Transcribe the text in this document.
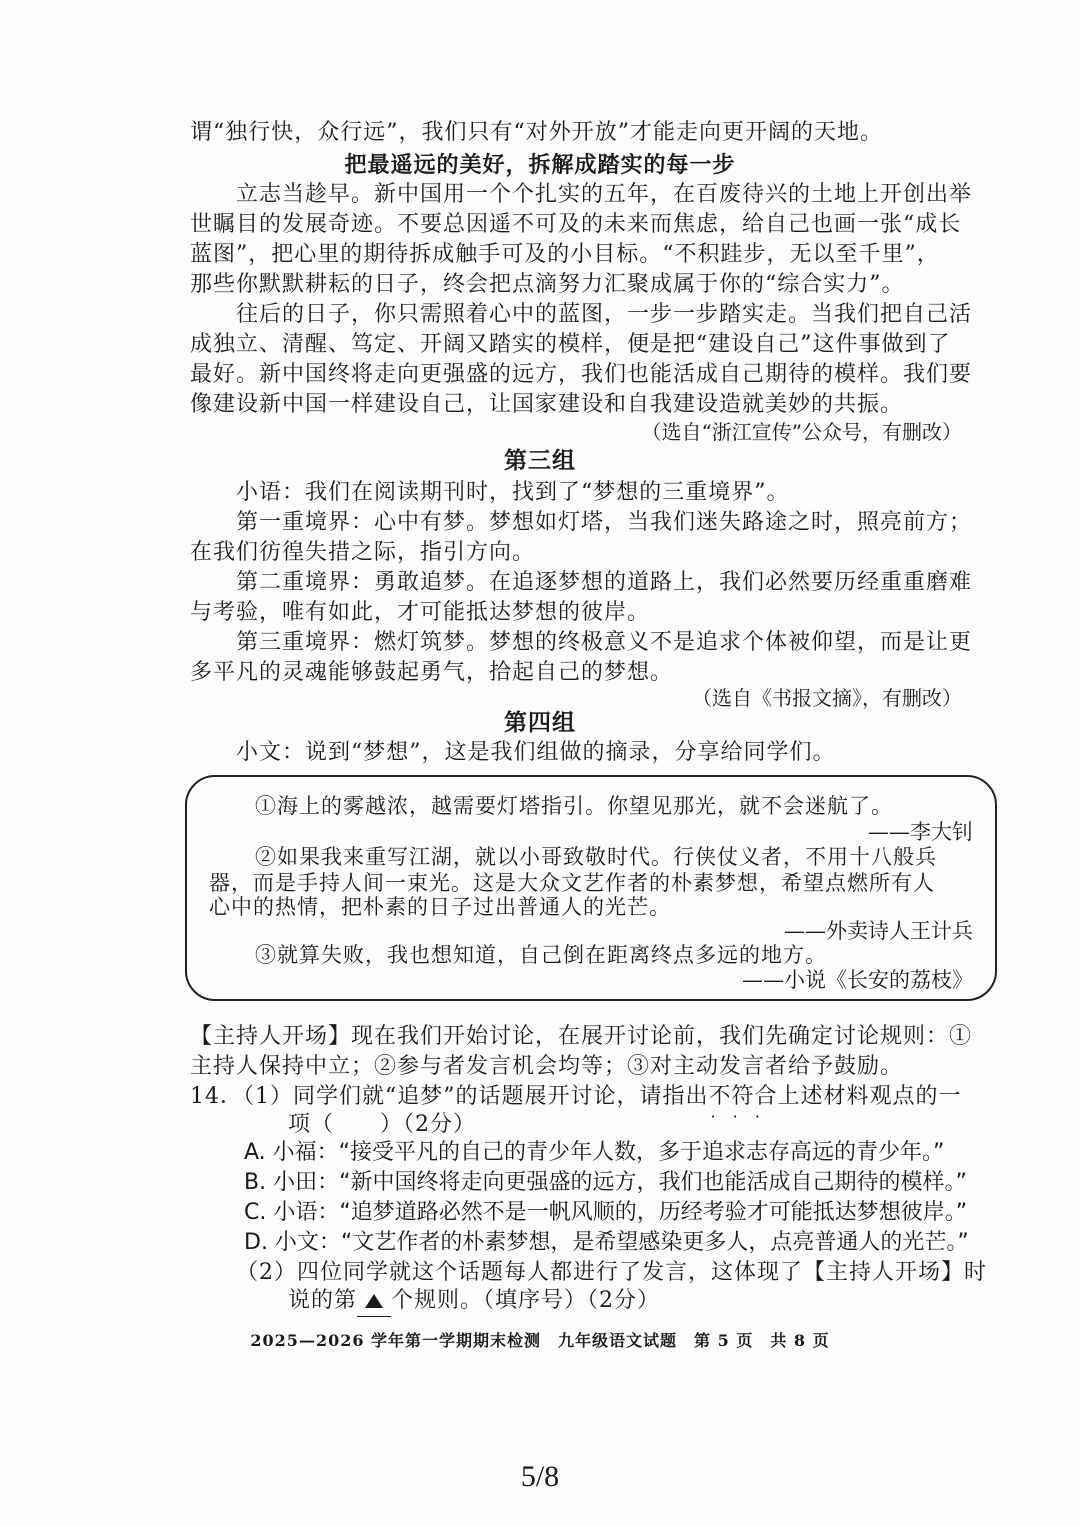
谓“独行快，众行远”，我们只有“对外开放”才能走向更开阔的天地。
把最遥远的美好，拆解成踏实的每一步
立志当趁早。新中国用一个个扎实的五年，在百废待兴的土地上开创出举
世瞩目的发展奇迹。不要总因遥不可及的未来而焦虑，给自己也画一张“成长
蓝图”，把心里的期待拆成触手可及的小目标。“不积跬步，无以至千里”，
那些你默默耕耘的日子，终会把点滴努力汇聚成属于你的“综合实力”。
往后的日子，你只需照着心中的蓝图，一步一步踏实走。当我们把自己活
成独立、清醒、笃定、开阔又踏实的模样，便是把“建设自己”这件事做到了
最好。新中国终将走向更强盛的远方，我们也能活成自己期待的模样。我们要
像建设新中国一样建设自己，让国家建设和自我建设造就美妙的共振。
（选自“浙江宣传”公众号，有删改）
第三组
小语：我们在阅读期刊时，找到了“梦想的三重境界”。
第一重境界：心中有梦。梦想如灯塔，当我们迷失路途之时，照亮前方；
在我们彷徨失措之际，指引方向。
第二重境界：勇敢追梦。在追逐梦想的道路上，我们必然要历经重重磨难
与考验，唯有如此，才可能抵达梦想的彼岸。
第三重境界：燃灯筑梦。梦想的终极意义不是追求个体被仰望，而是让更
多平凡的灵魂能够鼓起勇气，拾起自己的梦想。
（选自《书报文摘》，有删改）
第四组
小文：说到“梦想”，这是我们组做的摘录，分享给同学们。
①海上的雾越浓，越需要灯塔指引。你望见那光，就不会迷航了。
——李大钊
②如果我来重写江湖，就以小哥致敬时代。行侠仗义者，不用十八般兵
器，而是手持人间一束光。这是大众文艺作者的朴素梦想，希望点燃所有人
心中的热情，把朴素的日子过出普通人的光芒。
——外卖诗人王计兵
③就算失败，我也想知道，自己倒在距离终点多远的地方。
——小说《长安的荔枝》
【主持人开场】现在我们开始讨论，在展开讨论前，我们先确定讨论规则：①
主持人保持中立；②参与者发言机会均等；③对主动发言者给予鼓励。
14．（1）同学们就“追梦”的话题展开讨论，请指出不符合 · · ·上述材料观点的一
项（　　）（2分）
A. 小福：“接受平凡的自己的青少年人数，多于追求志存高远的青少年。”
B. 小田：“新中国终将走向更强盛的远方，我们也能活成自己期待的模样。”
C. 小语：“追梦道路必然不是一帆风顺的，历经考验才可能抵达梦想彼岸。”
D. 小文：“文艺作者的朴素梦想，是希望感染更多人，点亮普通人的光芒。”
（2）四位同学就这个话题每人都进行了发言，这体现了【主持人开场】时
说的第 个规则。（填序号）（2分）
2025—2026 学年第一学期期末检测　九年级语文试题　第 5 页　共 8 页
5/8
